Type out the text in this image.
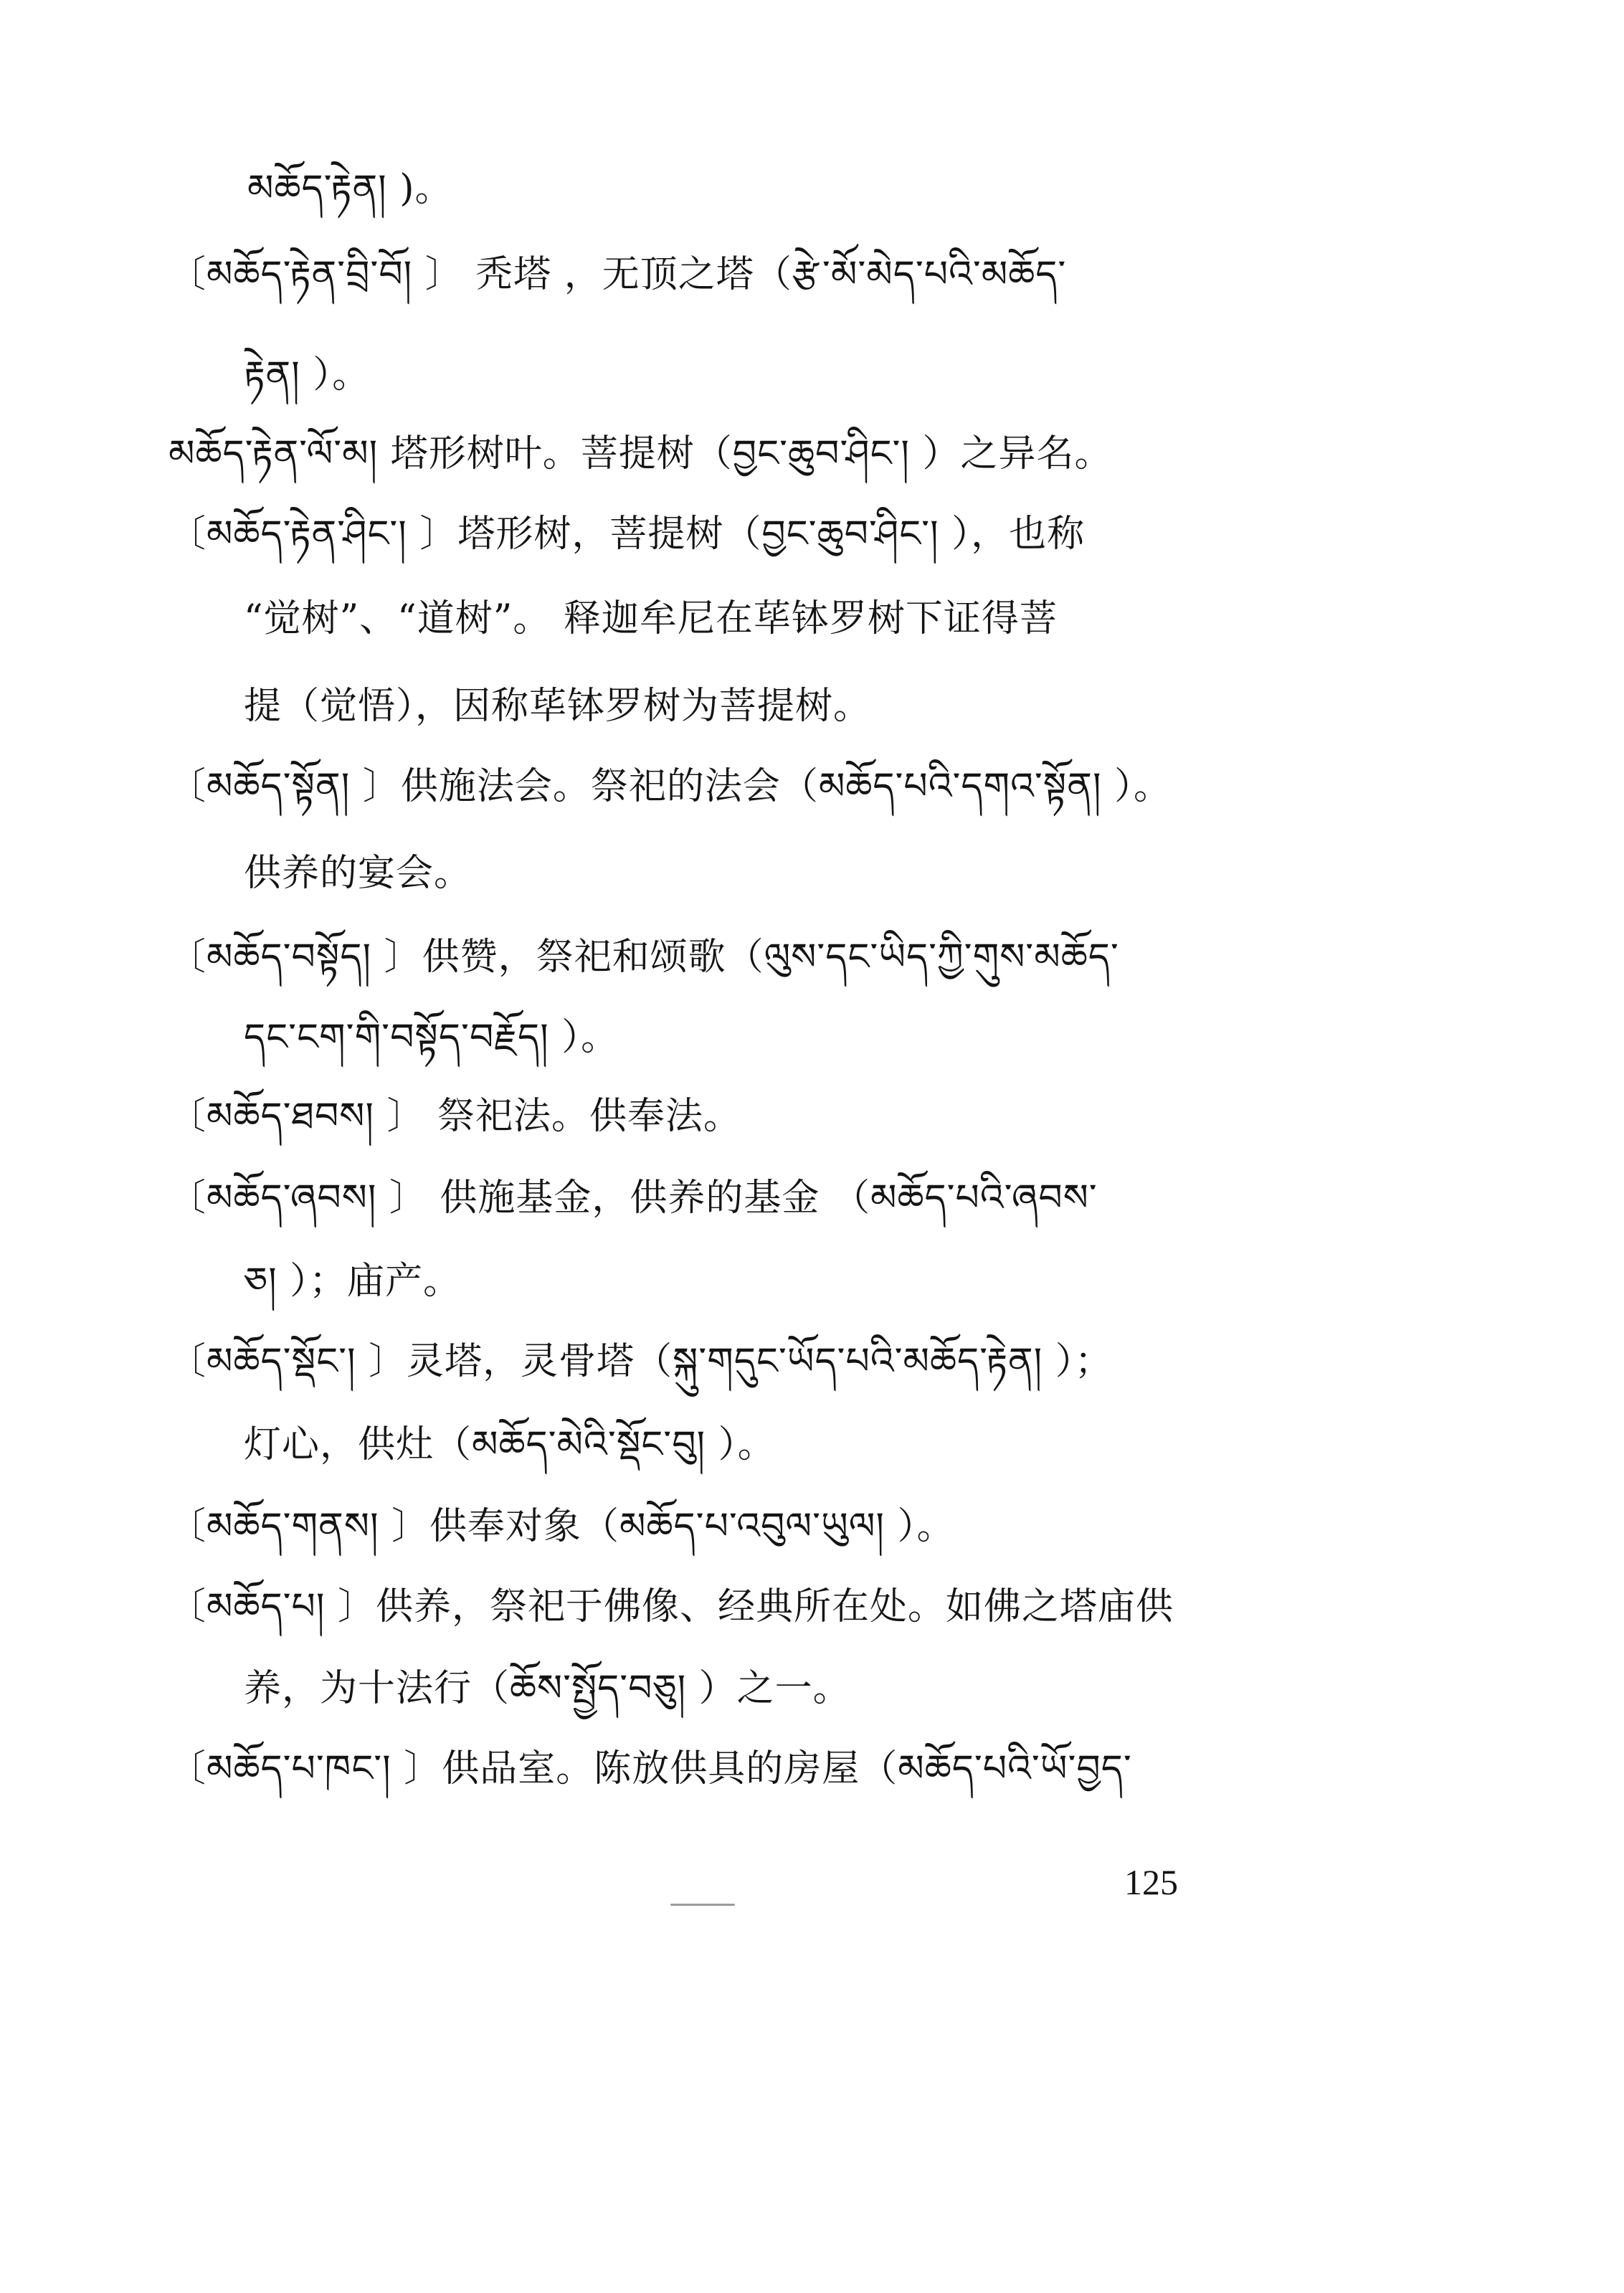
མཆོད་རྟེན། )。
〔མཆོད་རྟེན་བྲི་བོ། 〕 秃塔 ，无顶之塔（རྩེ་མོ་མེད་པའི་མཆོད་
རྟེན། ）。
མཆོད་རྟེན་ལོ་མ། 塔形树叶。菩提树（བྱང་ཆུབ་ཤིང་། ）之异名。
〔མཆོད་རྟེན་ཤིང་། 〕塔形树，菩提树（བྱང་ཆུབ་ཤིང་། ），也称
“觉树”、“道树”。 释迦牟尼在荜钵罗树下证得菩
提（觉悟），因称荜钵罗树为菩提树。
〔མཆོད་སྟོན། 〕供施法会。祭祀的法会（མཆོད་པའི་དགའ་སྟོན། ）。
供养的宴会。
〔མཆོད་བསྟོད། 〕供赞，祭祀和颂歌（ལུས་དང་ཡིད་ཀྱི་གུས་མཆོད་
དང་ངག་གི་བསྟོད་བརྗོད། ）。
〔མཆོད་ཐབས། 〕 祭祀法。供奉法。
〔མཆོད་ཞབས། 〕 供施基金，供养的基金 （མཆོད་པའི་ཞབས་
ཅ། ）；庙产。
〔མཆོད་སྡོང་། 〕灵塔，灵骨塔（སྐུ་གདུང་ཡོད་པའི་མཆོད་རྟེན། ）；
灯心，供灶（མཆོད་མེའི་སྡོང་བུ། ）。
〔མཆོད་གནས། 〕供奉对象（མཆོད་པ་འབུལ་ཡུལ། ）。
〔མཆོད་པ། 〕供养，祭祀于佛像、经典所在处。如佛之塔庙供
养，为十法行（ཆོས་སྤྱོད་བཅུ། ）之一。
〔མཆོད་པ་ཁང་། 〕供品室。陈放供具的房屋（མཆོད་པའི་ཡོ་བྱད་
125
